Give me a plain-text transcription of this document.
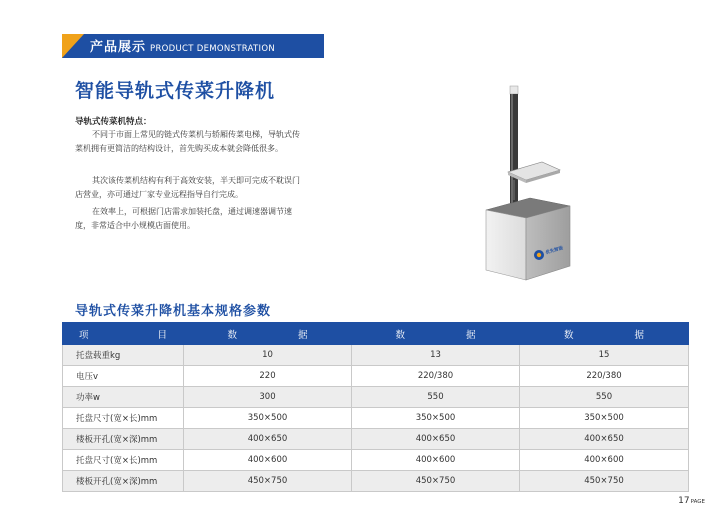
产品展示 PRODUCT DEMONSTRATION
智能导轨式传菜升降机
导轨式传菜机特点：
不同于市面上常见的链式传菜机与轿厢传菜电梯，导轨式传菜机拥有更简洁的结构设计，首先购买成本就会降低很多。
其次该传菜机结构有利于高效安装，半天即可完成不耽误门店营业，亦可通过厂家专业远程指导自行完成。
在效率上，可根据门店需求加装托盘，通过调速器调节速度，非常适合中小规模店面使用。
优先智能
导轨式传菜升降机基本规格参数
项 目	数 据	数 据	数 据

托盘载重kg	10	13	15
电压v	220	220/380	220/380
功率w	300	550	550
托盘尺寸(宽×长)mm	350×500	350×500	350×500
楼板开孔(宽×深)mm	400×650	400×650	400×650
托盘尺寸(宽×长)mm	400×600	400×600	400×600
楼板开孔(宽×深)mm	450×750	450×750	450×750
17PAGE
